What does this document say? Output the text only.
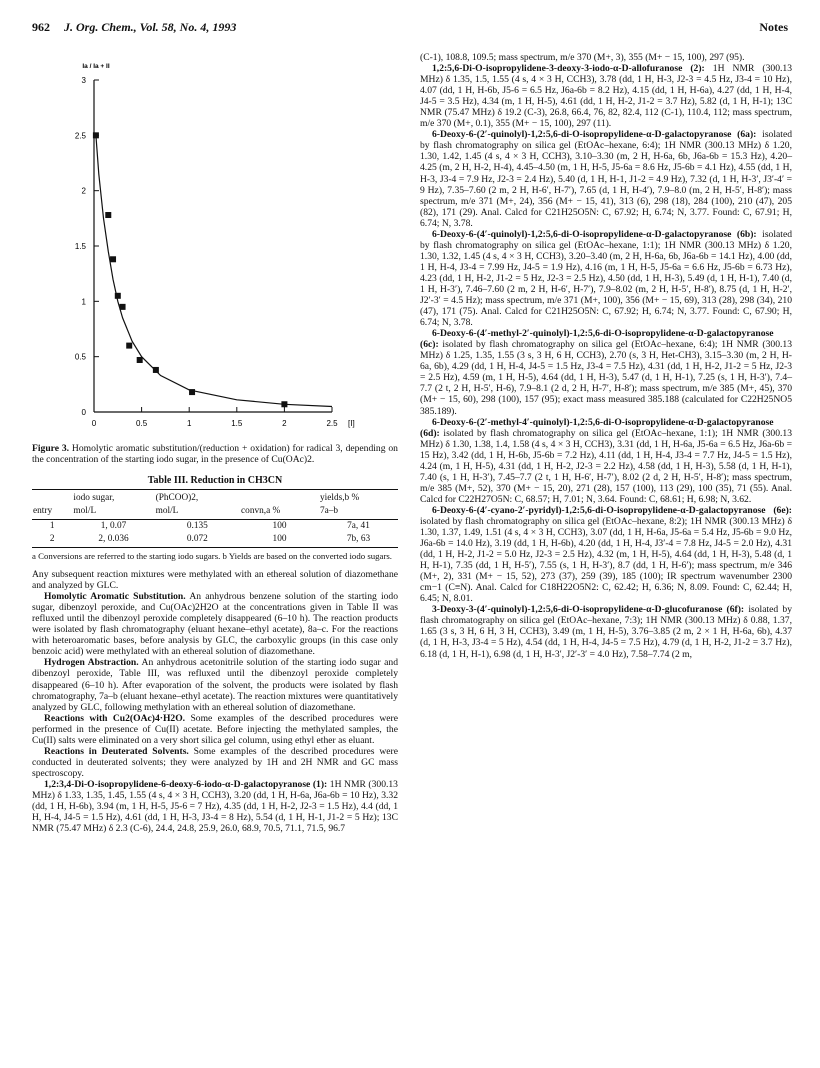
962 J. Org. Chem., Vol. 58, No. 4, 1993	Notes
0
0.5
1
1.5
2
2.5
3
0	0.5	1	1.5	2	2.5
Ia / Ia + II
[I]
Figure 3. Homolytic aromatic substitution/(reduction + oxidation) for radical 3, depending on the concentration of the starting iodo sugar, in the presence of Cu(OAc)2.
Table III. Reduction in CH3CN
	iodo sugar,	(PhCOO)2,		yields,b %
entry	mol/L	mol/L	convn,a %	7a–b
1	1, 0.07	0.135	100	7a, 41
2	2, 0.036	0.072	100	7b, 63
a Conversions are referred to the starting iodo sugars. b Yields are based on the converted iodo sugars.

Any subsequent reaction mixtures were methylated with an ethereal solution of diazomethane and analyzed by GLC.

Homolytic Aromatic Substitution. An anhydrous benzene solution of the starting iodo sugar, dibenzoyl peroxide, and Cu(OAc)2H2O at the concentrations given in Table II was refluxed until the dibenzoyl peroxide completely disappeared (6–10 h). The reaction products were isolated by flash chromatography (eluant hexane–ethyl acetate), 8a–c. For the reactions with heteroaromatic bases, before analysis by GLC, the carboxylic groups (in this case only benzoic acid) were methylated with an ethereal solution of diazomethane.

Hydrogen Abstraction. An anhydrous acetonitrile solution of the starting iodo sugar and dibenzoyl peroxide, Table III, was refluxed until the dibenzoyl peroxide completely disappeared (6–10 h). After evaporation of the solvent, the products were isolated by flash chromatography, 7a–b (eluant hexane–ethyl acetate). The reaction mixtures were quantitatively analyzed by GLC, following methylation with an ethereal solution of diazomethane.

Reactions with Cu2(OAc)4·H2O. Some examples of the described procedures were performed in the presence of Cu(II) acetate. Before injecting the methylated samples, the Cu(II) salts were eliminated on a very short silica gel column, using ethyl ether as eluant.

Reactions in Deuterated Solvents. Some examples of the described procedures were conducted in deuterated solvents; they were analyzed by 1H and 2H NMR and GC mass spectroscopy.

1,2:3,4-Di-O-isopropylidene-6-deoxy-6-iodo-α-D-galactopyranose (1): 1H NMR (300.13 MHz) δ 1.33, 1.35, 1.45, 1.55 (4 s, 4 × 3 H, CCH3), 3.20 (dd, 1 H, H-6a, J6a-6b = 10 Hz), 3.32 (dd, 1 H, H-6b), 3.94 (m, 1 H, H-5, J5-6 = 7 Hz), 4.35 (dd, 1 H, H-2, J2-3 = 1.5 Hz), 4.4 (dd, 1 H, H-4, J4-5 = 1.5 Hz), 4.61 (dd, 1 H, H-3, J3-4 = 8 Hz), 5.54 (d, 1 H, H-1, J1-2 = 5 Hz); 13C NMR (75.47 MHz) δ 2.3 (C-6), 24.4, 24.8, 25.9, 26.0, 68.9, 70.5, 71.1, 71.5, 96.7

(C-1), 108.8, 109.5; mass spectrum, m/e 370 (M+, 3), 355 (M+ − 15, 100), 297 (95).

1,2:5,6-Di-O-isopropylidene-3-deoxy-3-iodo-α-D-allofuranose (2): 1H NMR (300.13 MHz) δ 1.35, 1.5, 1.55 (4 s, 4 × 3 H, CCH3), 3.78 (dd, 1 H, H-3, J2-3 = 4.5 Hz, J3-4 = 10 Hz), 4.07 (dd, 1 H, H-6b, J5-6 = 6.5 Hz, J6a-6b = 8.2 Hz), 4.15 (dd, 1 H, H-6a), 4.27 (dd, 1 H, H-4, J4-5 = 3.5 Hz), 4.34 (m, 1 H, H-5), 4.61 (dd, 1 H, H-2, J1-2 = 3.7 Hz), 5.82 (d, 1 H, H-1); 13C NMR (75.47 MHz) δ 19.2 (C-3), 26.8, 66.4, 76, 82, 82.4, 112 (C-1), 110.4, 112; mass spectrum, m/e 370 (M+, 0.1), 355 (M+ − 15, 100), 297 (11).

6-Deoxy-6-(2′-quinolyl)-1,2:5,6-di-O-isopropylidene-α-D-galactopyranose (6a): isolated by flash chromatography on silica gel (EtOAc–hexane, 6:4); 1H NMR (300.13 MHz) δ 1.20, 1.30, 1.42, 1.45 (4 s, 4 × 3 H, CCH3), 3.10–3.30 (m, 2 H, H-6a, 6b, J6a-6b = 15.3 Hz), 4.20–4.25 (m, 2 H, H-2, H-4), 4.45–4.50 (m, 1 H, H-5, J5-6a = 8.6 Hz, J5-6b = 4.1 Hz), 4.55 (dd, 1 H, H-3, J3-4 = 7.9 Hz, J2-3 = 2.4 Hz), 5.40 (d, 1 H, H-1, J1-2 = 4.9 Hz), 7.32 (d, 1 H, H-3′, J3′-4′ = 9 Hz), 7.35–7.60 (2 m, 2 H, H-6′, H-7′), 7.65 (d, 1 H, H-4′), 7.9–8.0 (m, 2 H, H-5′, H-8′); mass spectrum, m/e 371 (M+, 24), 356 (M+ − 15, 41), 313 (6), 298 (18), 284 (100), 210 (47), 205 (82), 171 (29). Anal. Calcd for C21H25O5N: C, 67.92; H, 6.74; N, 3.77. Found: C, 67.91; H, 6.74; N, 3.78.

6-Deoxy-6-(4′-quinolyl)-1,2:5,6-di-O-isopropylidene-α-D-galactopyranose (6b): isolated by flash chromatography on silica gel (EtOAc–hexane, 1:1); 1H NMR (300.13 MHz) δ 1.20, 1.30, 1.32, 1.45 (4 s, 4 × 3 H, CCH3), 3.20–3.40 (m, 2 H, H-6a, 6b, J6a-6b = 14.1 Hz), 4.00 (dd, 1 H, H-4, J3-4 = 7.99 Hz, J4-5 = 1.9 Hz), 4.16 (m, 1 H, H-5, J5-6a = 6.6 Hz, J5-6b = 6.73 Hz), 4.23 (dd, 1 H, H-2, J1-2 = 5 Hz, J2-3 = 2.5 Hz), 4.50 (dd, 1 H, H-3), 5.49 (d, 1 H, H-1), 7.40 (d, 1 H, H-3′), 7.46–7.60 (2 m, 2 H, H-6′, H-7′), 7.9–8.02 (m, 2 H, H-5′, H-8′), 8.75 (d, 1 H, H-2′, J2′-3′ = 4.5 Hz); mass spectrum, m/e 371 (M+, 100), 356 (M+ − 15, 69), 313 (28), 298 (34), 210 (47), 171 (75). Anal. Calcd for C21H25O5N: C, 67.92; H, 6.74; N, 3.77. Found: C, 67.90; H, 6.74; N, 3.78.

6-Deoxy-6-(4′-methyl-2′-quinolyl)-1,2:5,6-di-O-isopropylidene-α-D-galactopyranose (6c): isolated by flash chromatography on silica gel (EtOAc–hexane, 6:4); 1H NMR (300.13 MHz) δ 1.25, 1.35, 1.55 (3 s, 3 H, 6 H, CCH3), 2.70 (s, 3 H, Het-CH3), 3.15–3.30 (m, 2 H, H-6a, 6b), 4.29 (dd, 1 H, H-4, J4-5 = 1.5 Hz, J3-4 = 7.5 Hz), 4.31 (dd, 1 H, H-2, J1-2 = 5 Hz, J2-3 = 2.5 Hz), 4.59 (m, 1 H, H-5), 4.64 (dd, 1 H, H-3), 5.47 (d, 1 H, H-1), 7.25 (s, 1 H, H-3′), 7.4–7.7 (2 t, 2 H, H-5′, H-6), 7.9–8.1 (2 d, 2 H, H-7′, H-8′); mass spectrum, m/e 385 (M+, 45), 370 (M+ − 15, 60), 298 (100), 157 (95); exact mass measured 385.188 (calculated for C22H25NO5 385.189).

6-Deoxy-6-(2′-methyl-4′-quinolyl)-1,2:5,6-di-O-isopropylidene-α-D-galactopyranose (6d): isolated by flash chromatography on silica gel (EtOAc–hexane, 1:1); 1H NMR (300.13 MHz) δ 1.30, 1.38, 1.4, 1.58 (4 s, 4 × 3 H, CCH3), 3.31 (dd, 1 H, H-6a, J5-6a = 6.5 Hz, J6a-6b = 15 Hz), 3.42 (dd, 1 H, H-6b, J5-6b = 7.2 Hz), 4.11 (dd, 1 H, H-4, J3-4 = 7.7 Hz, J4-5 = 1.5 Hz), 4.24 (m, 1 H, H-5), 4.31 (dd, 1 H, H-2, J2-3 = 2.2 Hz), 4.58 (dd, 1 H, H-3), 5.58 (d, 1 H, H-1), 7.40 (s, 1 H, H-3′), 7.45–7.7 (2 t, 1 H, H-6′, H-7′), 8.02 (2 d, 2 H, H-5′, H-8′); mass spectrum, m/e 385 (M+, 52), 370 (M+ − 15, 20), 271 (28), 157 (100), 113 (29), 100 (35), 71 (55). Anal. Calcd for C22H27O5N: C, 68.57; H, 7.01; N, 3.64. Found: C, 68.61; H, 6.98; N, 3.62.

6-Deoxy-6-(4′-cyano-2′-pyridyl)-1,2:5,6-di-O-isopropylidene-α-D-galactopyranose (6e): isolated by flash chromatography on silica gel (EtOAc–hexane, 8:2); 1H NMR (300.13 MHz) δ 1.30, 1.37, 1.49, 1.51 (4 s, 4 × 3 H, CCH3), 3.07 (dd, 1 H, H-6a, J5-6a = 5.4 Hz, J5-6b = 9.0 Hz, J6a-6b = 14.0 Hz), 3.19 (dd, 1 H, H-6b), 4.20 (dd, 1 H, H-4, J3′-4 = 7.8 Hz, J4-5 = 2.0 Hz), 4.31 (dd, 1 H, H-2, J1-2 = 5.0 Hz, J2-3 = 2.5 Hz), 4.32 (m, 1 H, H-5), 4.64 (dd, 1 H, H-3), 5.48 (d, 1 H, H-1), 7.35 (dd, 1 H, H-5′), 7.55 (s, 1 H, H-3′), 8.7 (dd, 1 H, H-6′); mass spectrum, m/e 346 (M+, 2), 331 (M+ − 15, 52), 273 (37), 259 (39), 185 (100); IR spectrum wavenumber 2300 cm−1 (C≡N). Anal. Calcd for C18H22O5N2: C, 62.42; H, 6.36; N, 8.09. Found: C, 62.44; H, 6.45; N, 8.01.

3-Deoxy-3-(4′-quinolyl)-1,2:5,6-di-O-isopropylidene-α-D-glucofuranose (6f): isolated by flash chromatography on silica gel (EtOAc–hexane, 7:3); 1H NMR (300.13 MHz) δ 0.88, 1.37, 1.65 (3 s, 3 H, 6 H, 3 H, CCH3), 3.49 (m, 1 H, H-5), 3.76–3.85 (2 m, 2 × 1 H, H-6a, 6b), 4.37 (d, 1 H, H-3, J3-4 = 5 Hz), 4.54 (dd, 1 H, H-4, J4-5 = 7.5 Hz), 4.79 (d, 1 H, H-2, J1-2 = 3.7 Hz), 6.18 (d, 1 H, H-1), 6.98 (d, 1 H, H-3′, J2′-3′ = 4.0 Hz), 7.58–7.74 (2 m,
